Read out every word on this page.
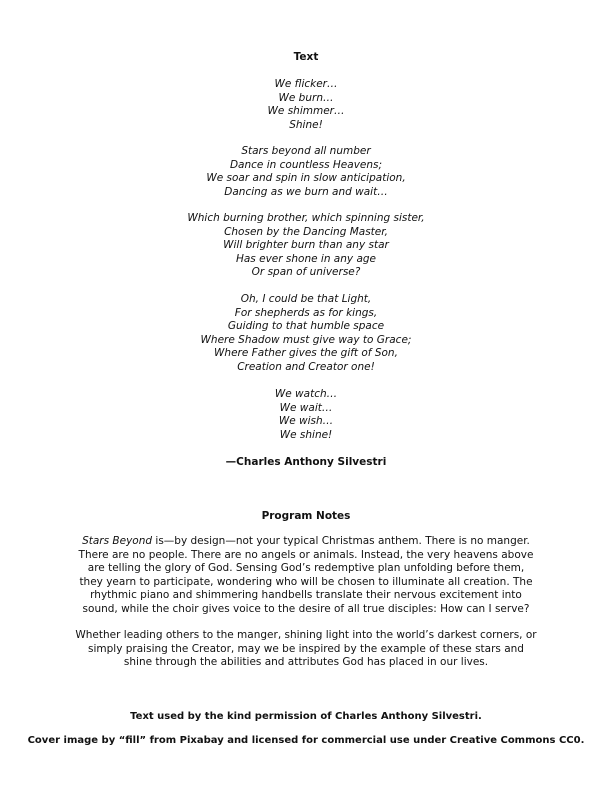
Text
We flicker…
We burn…
We shimmer…
Shine!
Stars beyond all number
Dance in countless Heavens;
We soar and spin in slow anticipation,
Dancing as we burn and wait…
Which burning brother, which spinning sister,
Chosen by the Dancing Master,
Will brighter burn than any star
Has ever shone in any age
Or span of universe?
Oh, I could be that Light,
For shepherds as for kings,
Guiding to that humble space
Where Shadow must give way to Grace;
Where Father gives the gift of Son,
Creation and Creator one!
We watch…
We wait…
We wish…
We shine!
—Charles Anthony Silvestri
Program Notes
Stars Beyond is—by design—not your typical Christmas anthem. There is no manger.
There are no people. There are no angels or animals. Instead, the very heavens above
are telling the glory of God. Sensing God’s redemptive plan unfolding before them,
they yearn to participate, wondering who will be chosen to illuminate all creation. The
rhythmic piano and shimmering handbells translate their nervous excitement into
sound, while the choir gives voice to the desire of all true disciples: How can I serve?
Whether leading others to the manger, shining light into the world’s darkest corners, or
simply praising the Creator, may we be inspired by the example of these stars and
shine through the abilities and attributes God has placed in our lives.
Text used by the kind permission of Charles Anthony Silvestri.
Cover image by “fill” from Pixabay and licensed for commercial use under Creative Commons CC0.
